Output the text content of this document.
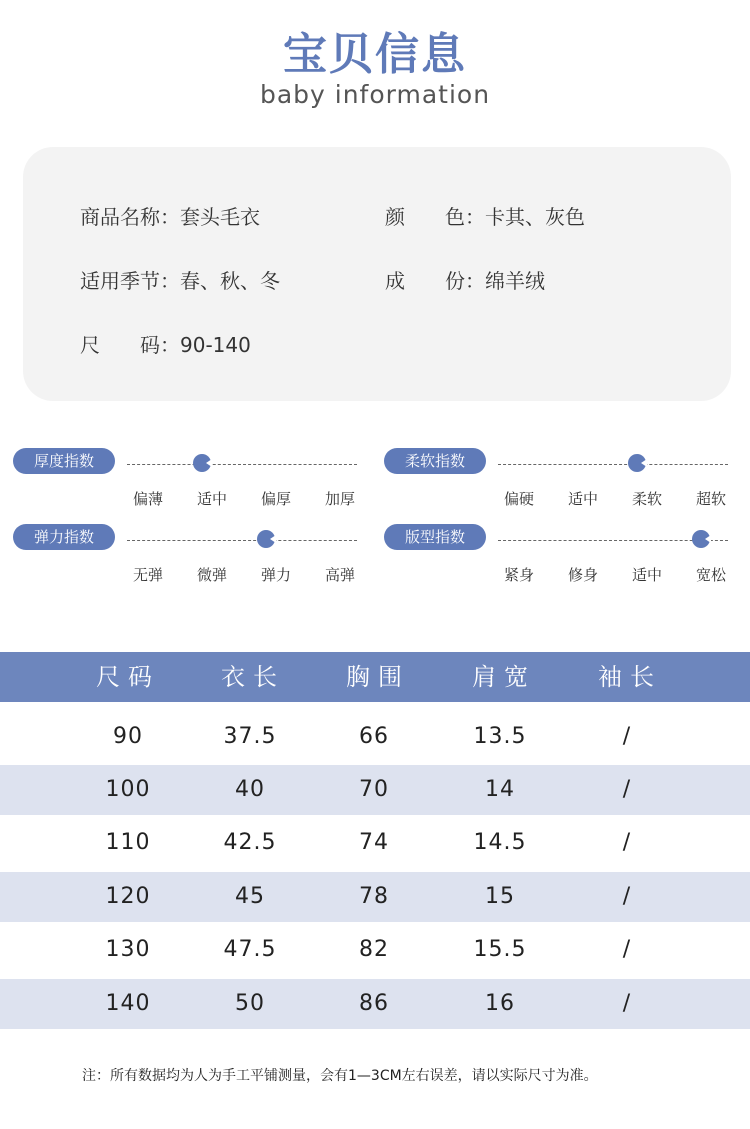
宝贝信息
baby information
商品名称：套头毛衣	颜　　色：卡其、灰色
适用季节：春、秋、冬	成　　份：绵羊绒
尺　　码：90-140
厚度指数
偏薄	适中	偏厚	加厚
柔软指数
偏硬	适中	柔软	超软
弹力指数
无弹	微弹	弹力	高弹
版型指数
紧身	修身	适中	宽松
尺码	衣长	胸围	肩宽	袖长
90	37.5	66	13.5	/
100	40	70	14	/
110	42.5	74	14.5	/
120	45	78	15	/
130	47.5	82	15.5	/
140	50	86	16	/
注：所有数据均为人为手工平铺测量，会有1—3CM左右误差，请以实际尺寸为准。
